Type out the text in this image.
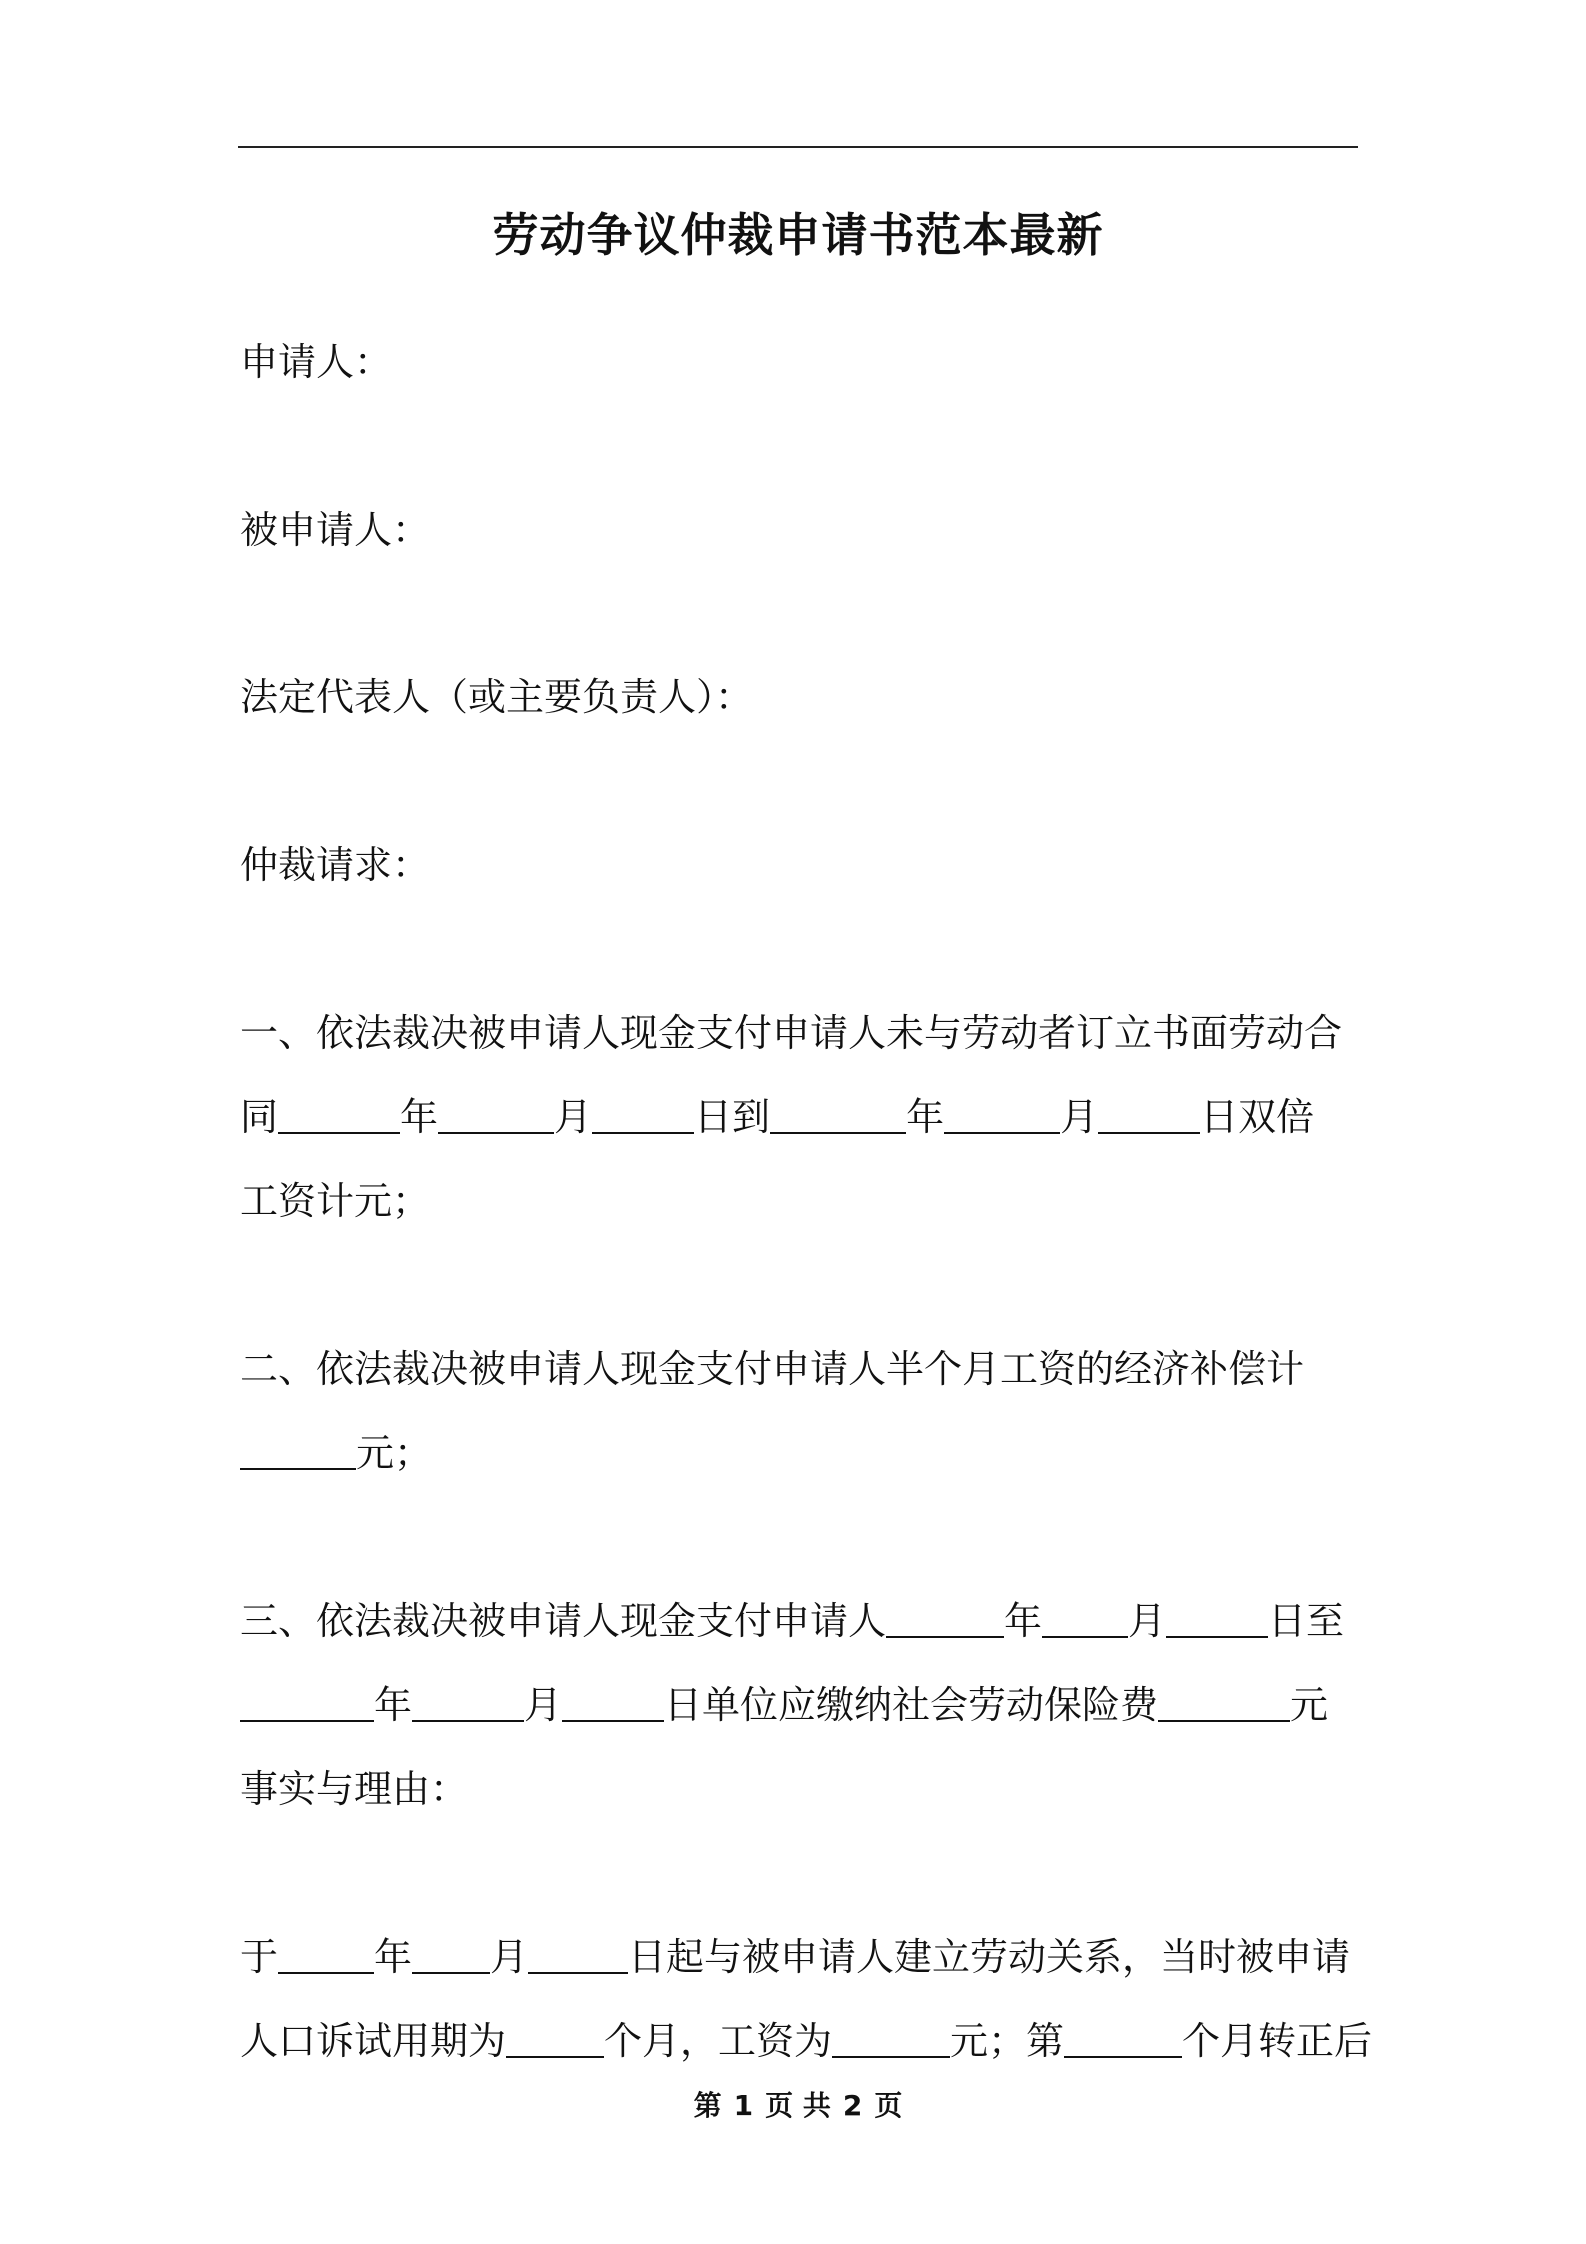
劳动争议仲裁申请书范本最新
申请人：
被申请人：
法定代表人（或主要负责人）：
仲裁请求：
一、依法裁决被申请人现金支付申请人未与劳动者订立书面劳动合
同	年	月	日到	年	月	日双倍
工资计元；
二、依法裁决被申请人现金支付申请人半个月工资的经济补偿计
元；
三、依法裁决被申请人现金支付申请人	年 月	日至
年	月	日单位应缴纳社会劳动保险费	元
事实与理由：
于	年 月	日起与被申请人建立劳动关系，当时被申请
人口诉试用期为	个月，工资为	元；第	个月转正后
第 1 页 共 2 页
